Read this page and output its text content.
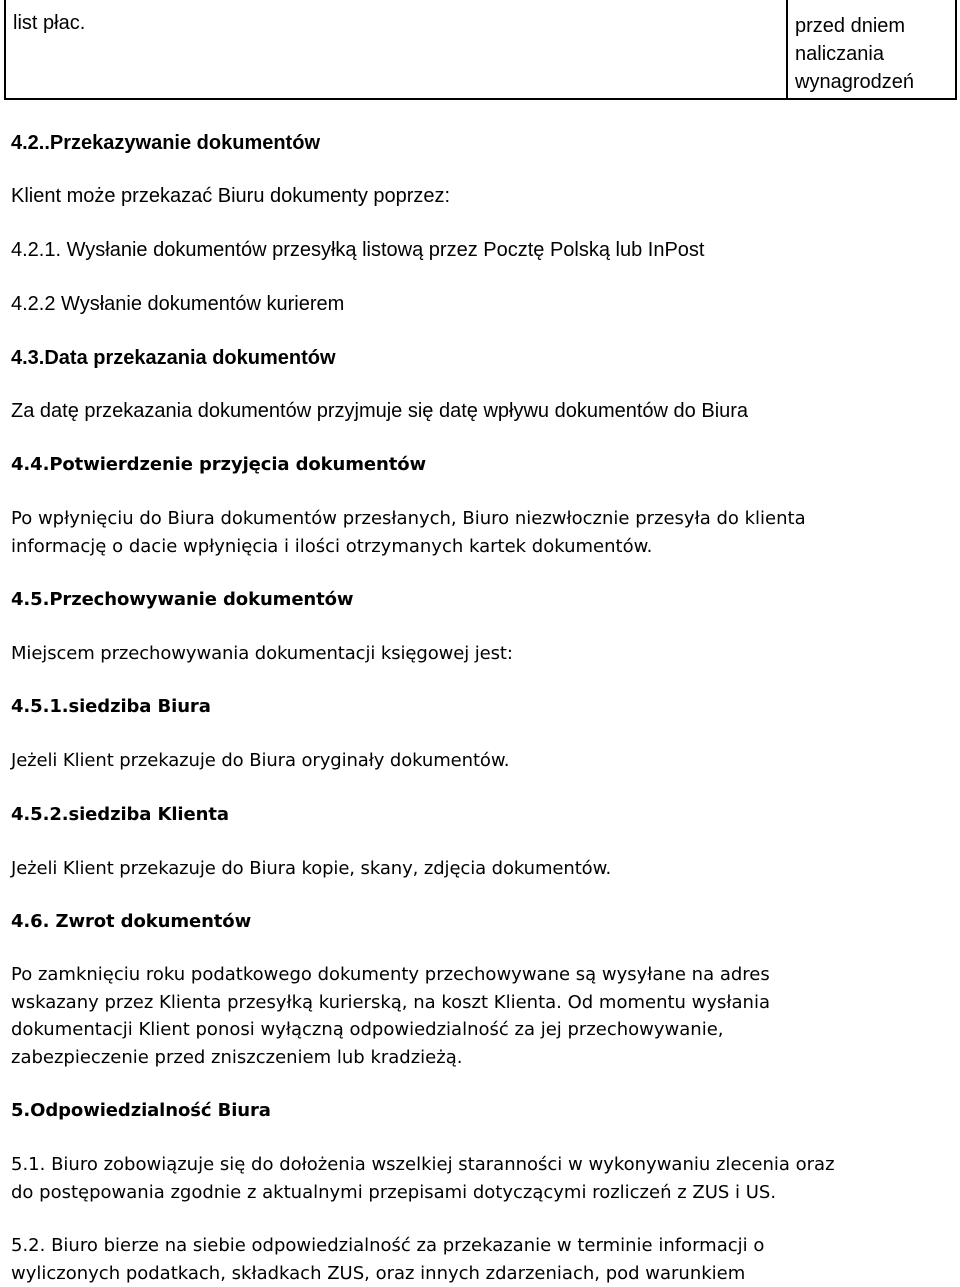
list płac.	przed dniem
naliczania
wynagrodzeń
4.2..Przekazywanie dokumentów
Klient może przekazać Biuru dokumenty poprzez:
4.2.1. Wysłanie dokumentów przesyłką listową przez Pocztę Polską lub InPost
4.2.2 Wysłanie dokumentów kurierem
4.3.Data przekazania dokumentów
Za datę przekazania dokumentów przyjmuje się datę wpływu dokumentów do Biura
4.4.Potwierdzenie przyjęcia dokumentów
Po wpłynięciu do Biura dokumentów przesłanych, Biuro niezwłocznie przesyła do klienta
informację o dacie wpłynięcia i ilości otrzymanych kartek dokumentów.
4.5.Przechowywanie dokumentów
Miejscem przechowywania dokumentacji księgowej jest:
4.5.1.siedziba Biura
Jeżeli Klient przekazuje do Biura oryginały dokumentów.
4.5.2.siedziba Klienta
Jeżeli Klient przekazuje do Biura kopie, skany, zdjęcia dokumentów.
4.6. Zwrot dokumentów
Po zamknięciu roku podatkowego dokumenty przechowywane są wysyłane na adres
wskazany przez Klienta przesyłką kurierską, na koszt Klienta. Od momentu wysłania
dokumentacji Klient ponosi wyłączną odpowiedzialność za jej przechowywanie,
zabezpieczenie przed zniszczeniem lub kradzieżą.
5.Odpowiedzialność Biura
5.1. Biuro zobowiązuje się do dołożenia wszelkiej staranności w wykonywaniu zlecenia oraz
do postępowania zgodnie z aktualnymi przepisami dotyczącymi rozliczeń z ZUS i US.
5.2. Biuro bierze na siebie odpowiedzialność za przekazanie w terminie informacji o
wyliczonych podatkach, składkach ZUS, oraz innych zdarzeniach, pod warunkiem
